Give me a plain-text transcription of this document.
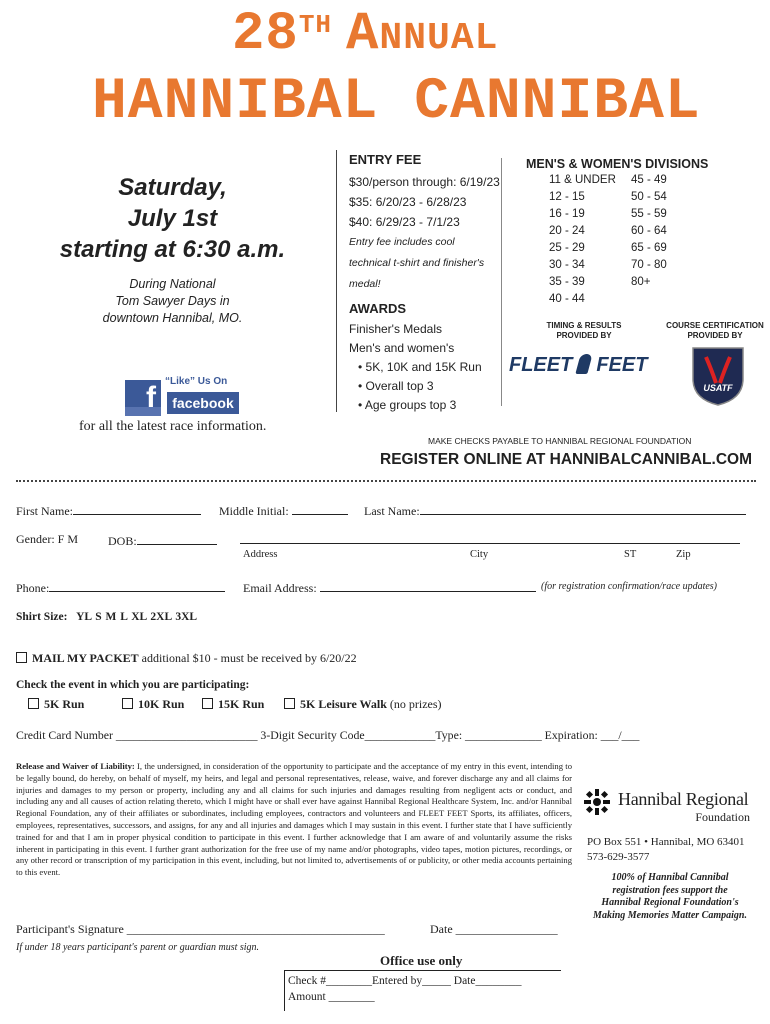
28TH Annual
HANNIBAL CANNIBAL
Saturday,
July 1st
starting at 6:30 a.m.
During National
Tom Sawyer Days in
downtown Hannibal, MO.
f “Like” Us On
facebook
for all the latest race information.
ENTRY FEE
$30/person through: 6/19/23
$35: 6/20/23 - 6/28/23
$40: 6/29/23 - 7/1/23
Entry fee includes cool
technical t-shirt and finisher's
medal!
AWARDS
Finisher's Medals
Men's and women's
• 5K, 10K and 15K Run
• Overall top 3
• Age groups top 3
MEN'S & WOMEN'S DIVISIONS
11 & UNDER	45 - 49
12 - 15	50 - 54
16 - 19	55 - 59
20 - 24	60 - 64
25 - 29	65 - 69
30 - 34	70 - 80
35 - 39	80+
40 - 44
TIMING & RESULTS
PROVIDED BY
FLEET FEET
COURSE CERTIFICATION
PROVIDED BY
USATF
MAKE CHECKS PAYABLE TO HANNIBAL REGIONAL FOUNDATION
REGISTER ONLINE AT HANNIBALCANNIBAL.COM
First Name:	Middle Initial:	Last Name:
Gender: F M	DOB:
Address	City	ST	Zip
Phone:	Email Address:	(for registration confirmation/race updates)
Shirt Size: YL S M L XL 2XL 3XL
MAIL MY PACKET additional $10 - must be received by 6/20/22
Check the event in which you are participating:
5K Run	10K Run	15K Run	5K Leisure Walk (no prizes)
Credit Card Number ________________________ 3-Digit Security Code____________Type: _____________ Expiration: ___/___
Release and Waiver of Liability: I, the undersigned, in consideration of the opportunity to participate and the acceptance of my entry in this event, intending to be legally bound, do hereby, on behalf of myself, my heirs, and legal and personal representatives, release, waive, and forever discharge any and all claims for injuries and damages to my person or property, including any and all claims for such injuries and damages resulting from negligent acts or conduct, and including any and all causes of action relating thereto, which I might have or shall ever have against Hannibal Regional Healthcare System, Inc. and/or Hannibal Regional Foundation, any of their affiliates or subordinates, including employees, contractors and volunteers and FLEET FEET Sports, its affiliates, officers, employees, representatives, successors, and assigns, for any and all injuries and damages which I may sustain in this event. I further state that I have sufficiently trained for and that I am in proper physical condition to participate in this event. I further acknowledge that I am aware of and voluntarily assume the risks inherent in participating in this event. I further grant authorization for the free use of my name and/or photographs, video tapes, motion pictures, recordings, or any other record or transcription of my participation in this event, including, but not limited to, advertisements of or publicity, or other media accounts pertaining to this event.
Hannibal Regional
Foundation
PO Box 551 • Hannibal, MO 63401
573-629-3577
100% of Hannibal Cannibal
registration fees support the
Hannibal Regional Foundation's
Making Memories Matter Campaign.
Participant's Signature ___________________________________________	Date _________________
If under 18 years participant's parent or guardian must sign.
Office use only
Check #________Entered by_____ Date________
Amount ________
